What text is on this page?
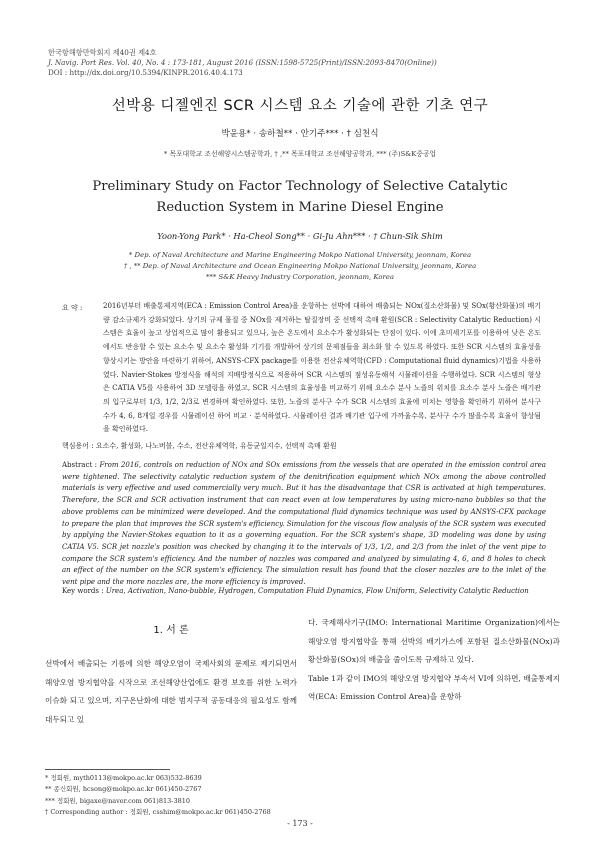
한국항해항만학회지 제40권 제4호
J. Navig. Port Res. Vol. 40, No. 4 : 173-181, August 2016 (ISSN:1598-5725(Print)/ISSN:2093-8470(Online))
DOI : http://dx.doi.org/10.5394/KINPR.2016.40.4.173
선박용 디젤엔진 SCR 시스템 요소 기술에 관한 기초 연구
박윤용* · 송하철** · 안기주*** · † 심천식
* 목포대학교 조선해양시스템공학과, † ,** 목포대학교 조선해양공학과, *** (주)S&K중공업
Preliminary Study on Factor Technology of Selective Catalytic Reduction System in Marine Diesel Engine
Yoon-Yong Park* · Ha-Cheol Song** · Gi-Ju Ahn*** · † Chun-Sik Shim
* Dep. of Naval Architecture and Marine Engineering Mokpo National University, jeonnam, Korea
† , ** Dep. of Naval Architecture and Ocean Engineering Mokpo National University, jeonnam, Korea
*** S&K Heavy Industry Corporation, jeonnam, Korea
요 약 :	2016년부터 배출통제지역(ECA : Emission Control Area)을 운항하는 선박에 대하여 배출되는 NOx(질소산화물) 및 SOx(황산화물)의 배기량 감소규제가 강화되었다. 상기의 규제 물질 중 NOx를 제거하는 탈질장비 중 선택적 촉매 환원(SCR : Selectivity Catalytic Reduction) 시스템은 효율이 높고 상업적으로 많이 활용되고 있으나, 높은 온도에서 요소수가 활성화되는 단점이 있다. 이에 초미세기포를 이용하여 낮은 온도에서도 반응할 수 있는 요소수 및 요소수 활성화 기기를 개발하여 상기의 문제점들을 최소화 할 수 있도록 하였다. 또한 SCR 시스템의 효율성을 향상시키는 방안을 마련하기 위하여, ANSYS-CFX package를 이용한 전산유체역학(CFD : Computational fluid dynamics)기법을 사용하였다. Navier-Stokes 방정식을 해석의 지배방정식으로 적용하여 SCR 시스템의 점성유동해석 시뮬레이션을 수행하였다. SCR 시스템의 형상은 CATIA V5를 사용하여 3D 모델링을 하였고, SCR 시스템의 효율성을 비교하기 위해 요소수 분사 노즐의 위치를 요소수 분사 노즐은 배기관의 입구로부터 1/3, 1/2, 2/3로 변경하며 확인하였다. 또한, 노즐의 분사구 수가 SCR 시스템의 효율에 미치는 영향을 확인하기 위하여 분사구 수가 4, 6, 8개일 경우를 시뮬레이션 하여 비교 · 분석하였다. 시뮬레이션 결과 배기관 입구에 가까울수록, 분사구 수가 많을수록 효율이 향상됨을 확인하였다.
핵심용어 : 요소수, 활성화, 나노버블, 수소, 전산유체역학, 유동균일지수, 선택적 촉매 환원
Abstract : From 2016, controls on reduction of NOx and SOx emissions from the vessels that are operated in the emission control area were tightened. The selectivity catalytic reduction system of the denitrification equipment which NOx among the above controlled materials is very effective and used commercially very much. But it has the disadvantage that CSR is activated at high temperatures. Therefore, the SCR and SCR activation instrument that can react even at low temperatures by using micro-nano bubbles so that the above problems can be minimized were developed. And the computational fluid dynamics technique was used by ANSYS-CFX package to prepare the plan that improves the SCR system's efficiency. Simulation for the viscous flow analysis of the SCR system was executed by applying the Navier-Stokes equation to it as a governing equation. For the SCR system's shape, 3D modeling was done by using CATIA V5. SCR jet nozzle's position was checked by changing it to the intervals of 1/3, 1/2, and 2/3 from the inlet of the vent pipe to compare the SCR system's efficiency. And the number of nozzles was compared and analyzed by simulating 4, 6, and 8 holes to check an effect of the number on the SCR system's efficiency. The simulation result has found that the closer nozzles are to the inlet of the vent pipe and the more nozzles are, the more efficiency is improved.
Key words : Urea, Activation, Nano-bubble, Hydrogen, Computation Fluid Dynamics, Flow Uniform, Selectivity Catalytic Reduction
1. 서 론
선박에서 배출되는 기름에 의한 해양오염이 국제사회의 문제로 제기되면서 해양오염 방지협약을 시작으로 조선해양산업에도 환경 보호를 위한 노력가 이슈화 되고 있으며, 지구온난화에 대한 범지구적 공동대응의 필요성도 함께 대두되고 있
다. 국제해사기구(IMO: International Maritime Organization)에서는 해양오염 방지협약을 통해 선박의 배기가스에 포함된 질소산화물(NOx)과 황산화물(SOx)의 배출을 줄이도록 규제하고 있다.
Table 1과 같이 IMO의 해양오염 방지협약 부속서 VI에 의하면, 배출통제지역(ECA: Emission Control Area)을 운항하
* 정회원, myth0113@mokpo.ac.kr 063)532-8639
** 종신회원, hcsong@mokpo.ac.kr 061)450-2767
*** 정회원, bigaxe@naver.com 061)813-3810
† Corresponding author : 정회원, csshim@mokpo.ac.kr 061)450-2768
- 173 -
